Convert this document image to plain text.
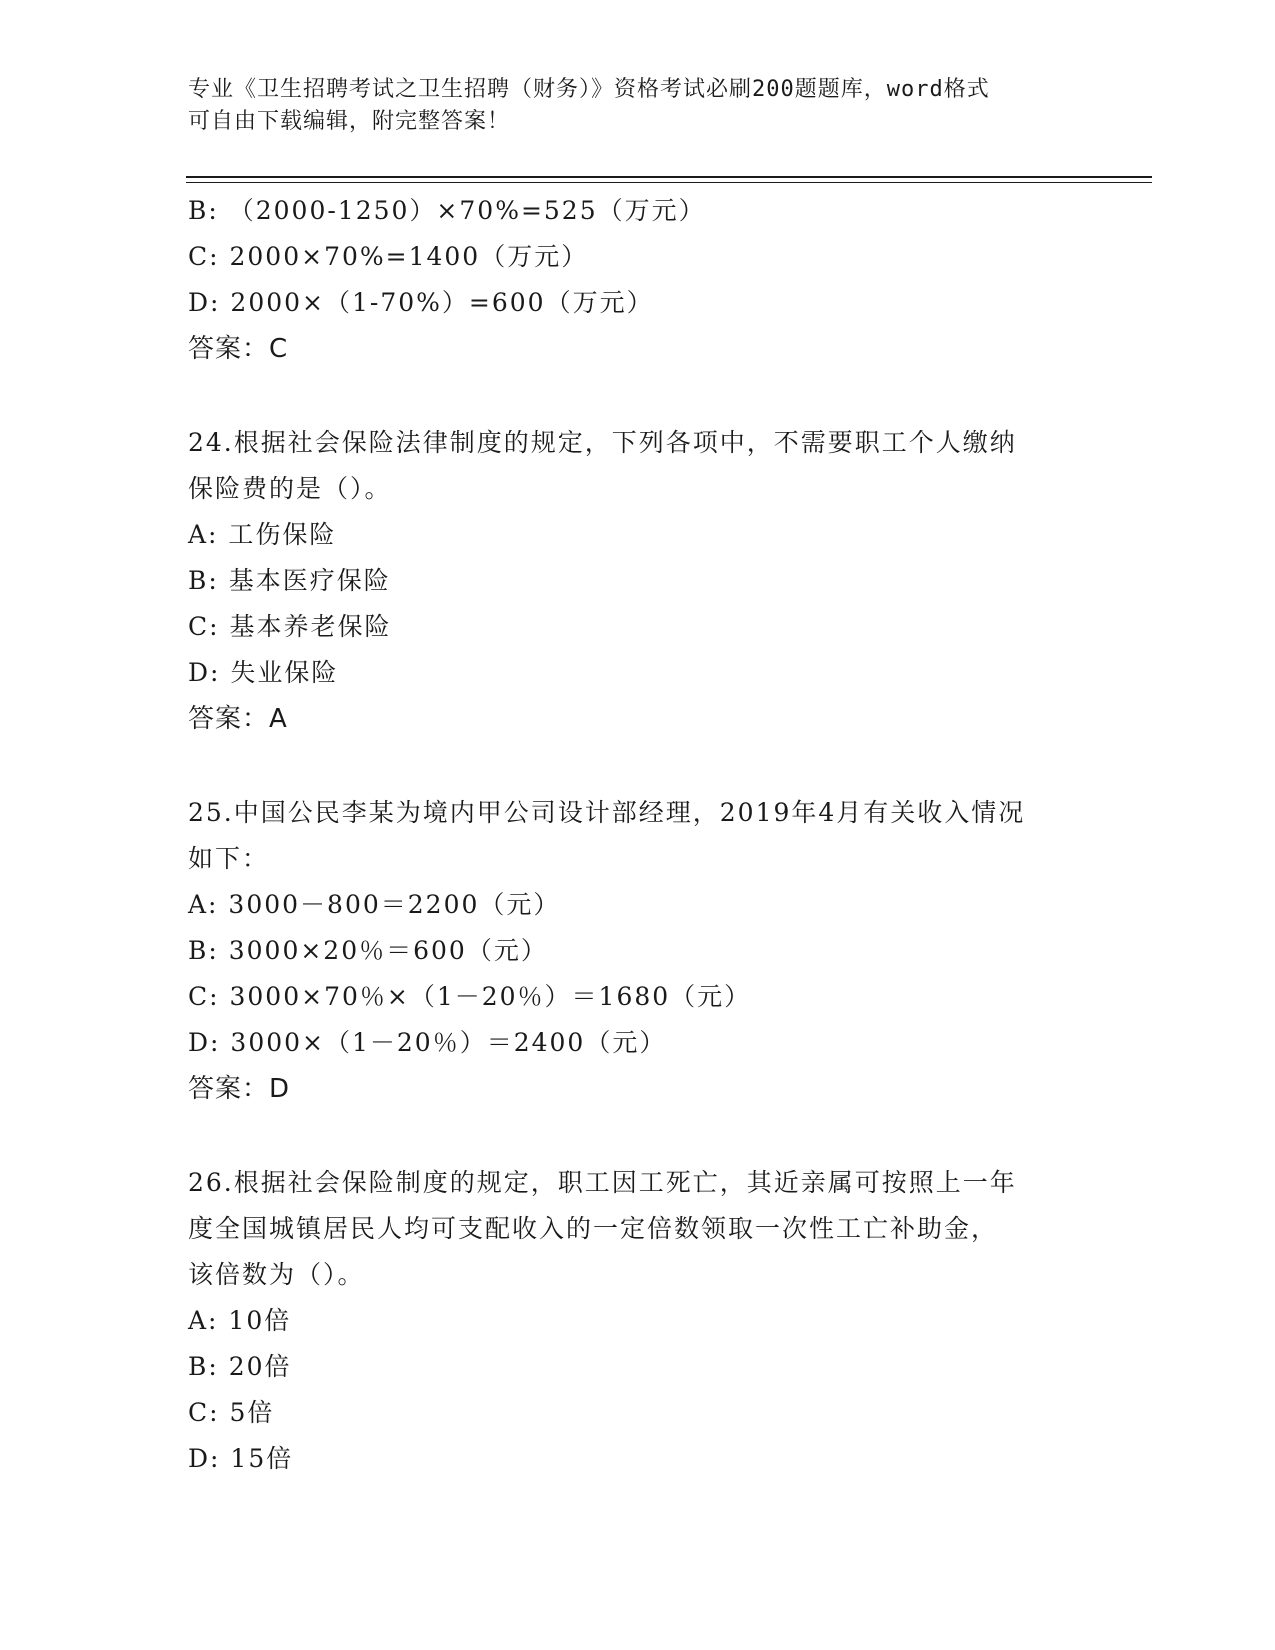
专业《卫生招聘考试之卫生招聘（财务）》资格考试必刷200题题库，word格式
可自由下载编辑，附完整答案！
B: （2000-1250）×70%=525（万元）
C: 2000×70%=1400（万元）
D: 2000×（1-70%）=600（万元）
答案：C
24.根据社会保险法律制度的规定，下列各项中，不需要职工个人缴纳
保险费的是（）。
A: 工伤保险
B: 基本医疗保险
C: 基本养老保险
D: 失业保险
答案：A
25.中国公民李某为境内甲公司设计部经理，2019年4月有关收入情况
如下：
A: 3000－800＝2200（元）
B: 3000×20％＝600（元）
C: 3000×70％×（1－20％）＝1680（元）
D: 3000×（1－20％）＝2400（元）
答案：D
26.根据社会保险制度的规定，职工因工死亡，其近亲属可按照上一年
度全国城镇居民人均可支配收入的一定倍数领取一次性工亡补助金，
该倍数为（）。
A: 10倍
B: 20倍
C: 5倍
D: 15倍
